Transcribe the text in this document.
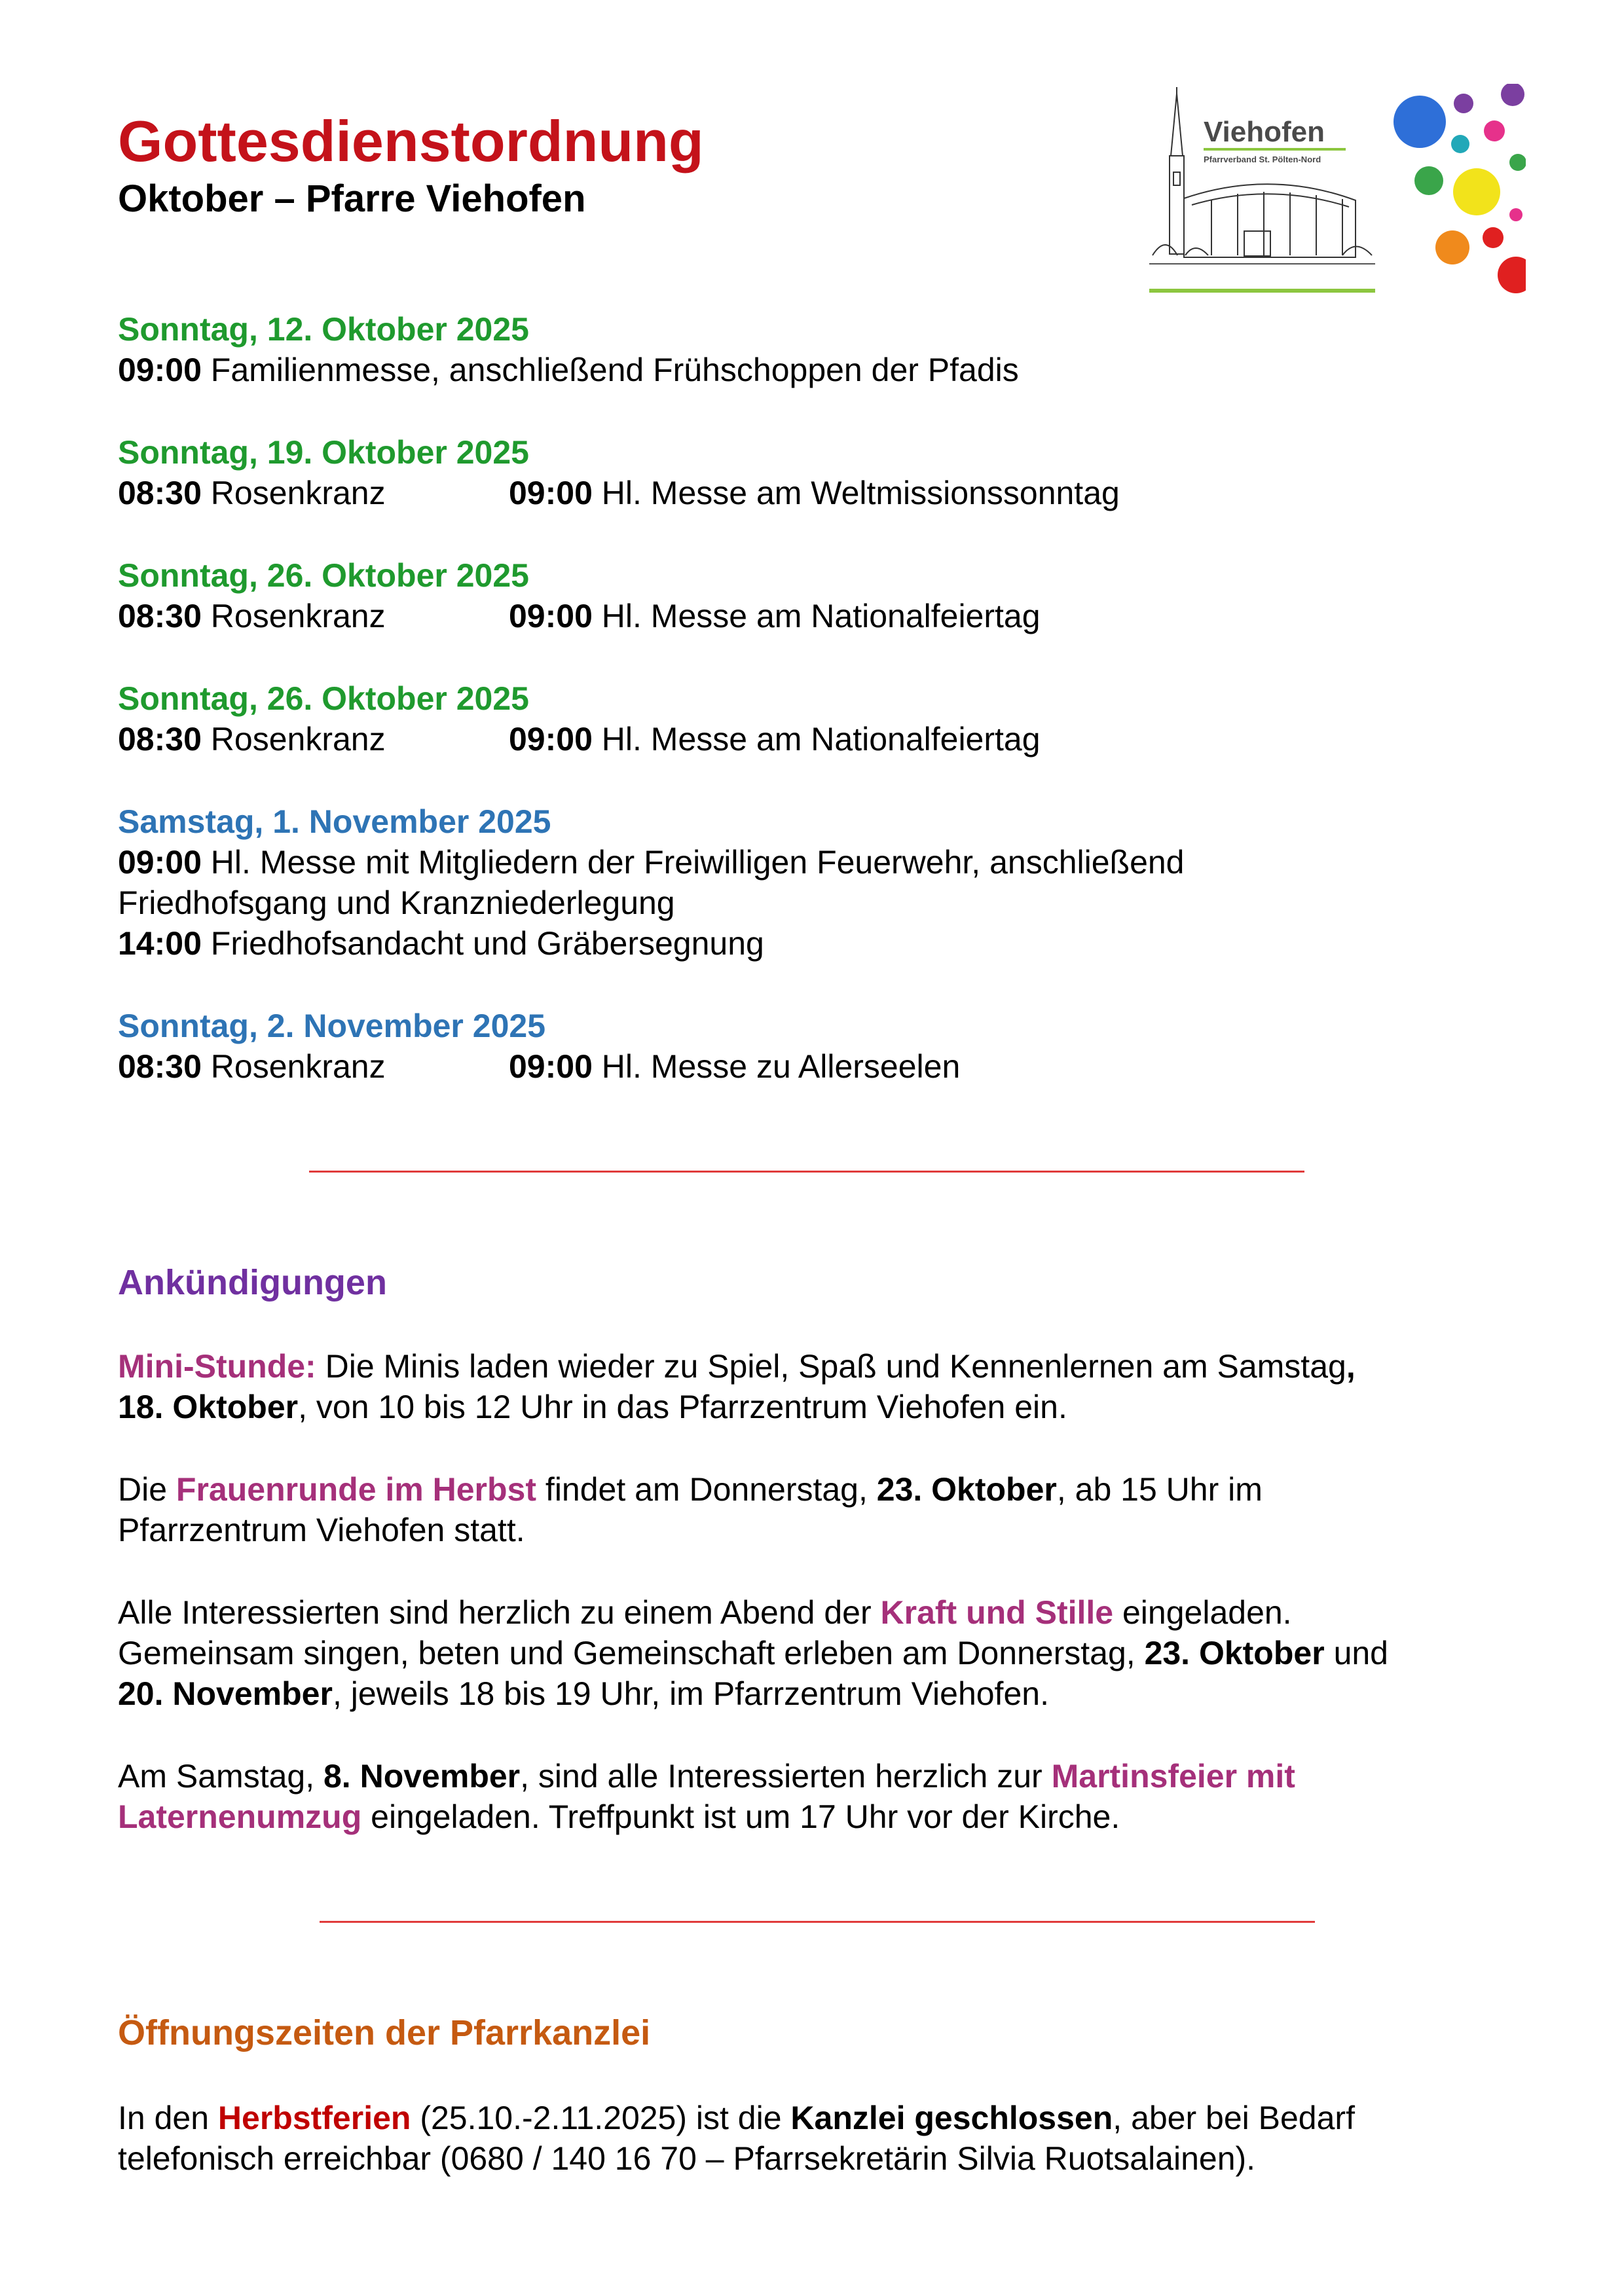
Gottesdienstordnung
Oktober – Pfarre Viehofen
Viehofen
Pfarrverband St. Pölten-Nord
Sonntag, 12. Oktober 2025
09:00 Familienmesse, anschließend Frühschoppen der Pfadis
Sonntag, 19. Oktober 2025
08:30 Rosenkranz	09:00 Hl. Messe am Weltmissionssonntag
Sonntag, 26. Oktober 2025
08:30 Rosenkranz	09:00 Hl. Messe am Nationalfeiertag
Sonntag, 26. Oktober 2025
08:30 Rosenkranz	09:00 Hl. Messe am Nationalfeiertag
Samstag, 1. November 2025
09:00 Hl. Messe mit Mitgliedern der Freiwilligen Feuerwehr, anschließend
Friedhofsgang und Kranzniederlegung
14:00 Friedhofsandacht und Gräbersegnung
Sonntag, 2. November 2025
08:30 Rosenkranz	09:00 Hl. Messe zu Allerseelen
Ankündigungen
Mini-Stunde: Die Minis laden wieder zu Spiel, Spaß und Kennenlernen am Samstag,
18. Oktober, von 10 bis 12 Uhr in das Pfarrzentrum Viehofen ein.
Die Frauenrunde im Herbst findet am Donnerstag, 23. Oktober, ab 15 Uhr im
Pfarrzentrum Viehofen statt.
Alle Interessierten sind herzlich zu einem Abend der Kraft und Stille eingeladen.
Gemeinsam singen, beten und Gemeinschaft erleben am Donnerstag, 23. Oktober und
20. November, jeweils 18 bis 19 Uhr, im Pfarrzentrum Viehofen.
Am Samstag, 8. November, sind alle Interessierten herzlich zur Martinsfeier mit
Laternenumzug eingeladen. Treffpunkt ist um 17 Uhr vor der Kirche.
Öffnungszeiten der Pfarrkanzlei
In den Herbstferien (25.10.-2.11.2025) ist die Kanzlei geschlossen, aber bei Bedarf
telefonisch erreichbar (0680 / 140 16 70 – Pfarrsekretärin Silvia Ruotsalainen).
